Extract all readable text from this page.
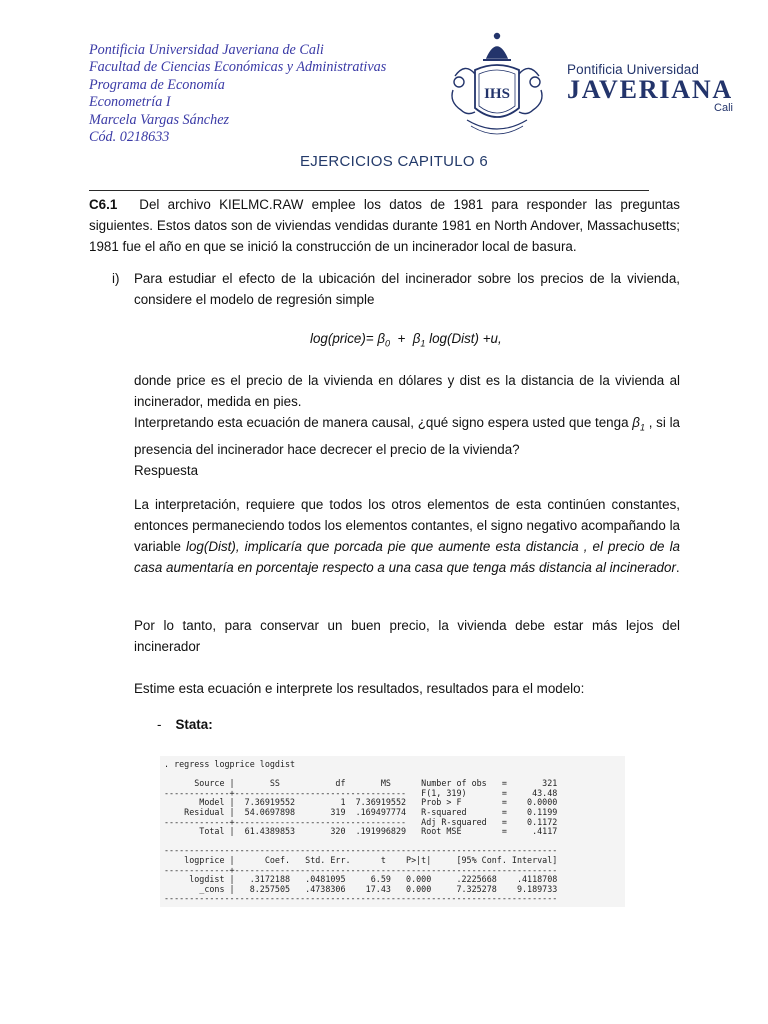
Pontificia Universidad Javeriana de Cali
Facultad de Ciencias Económicas y Administrativas
Programa de Economía
Econometría I
Marcela Vargas Sánchez
Cód. 0218633
IHS
Pontificia Universidad
JAVERIANA
Cali
EJERCICIOS CAPITULO 6
C6.1 Del archivo KIELMC.RAW emplee los datos de 1981 para responder las preguntas siguientes. Estos datos son de viviendas vendidas durante 1981 en North Andover, Massachusetts; 1981 fue el año en que se inició la construcción de un incinerador local de basura.
i)	Para estudiar el efecto de la ubicación del incinerador sobre los precios de la vivienda, considere el modelo de regresión simple
log(price)= $\beta_0 + \beta_1$ log(Dist) +u,
donde price es el precio de la vivienda en dólares y dist es la distancia de la vivienda al incinerador, medida en pies.
Interpretando esta ecuación de manera causal, ¿qué signo espera usted que tenga $\beta_1$ , si la presencia del incinerador hace decrecer el precio de la vivienda?
Respuesta
La interpretación, requiere que todos los otros elementos de esta continúen constantes, entonces permaneciendo todos los elementos contantes, el signo negativo acompañando la variable log(Dist), implicaría que porcada pie que aumente esta distancia , el precio de la casa aumentaría en porcentaje respecto a una casa que tenga más distancia al incinerador.
Por lo tanto, para conservar un buen precio, la vivienda debe estar más lejos del incinerador
Estime esta ecuación e interprete los resultados, resultados para el modelo:
- Stata:
. regress logprice logdist

Source |       SS           df       MS      Number of obs   =       321
-------------+----------------------------------   F(1, 319)       =     43.48
Model |  7.36919552         1  7.36919552   Prob > F        =    0.0000
Residual |  54.0697898       319  .169497774   R-squared       =    0.1199
-------------+----------------------------------   Adj R-squared   =    0.1172
Total |  61.4389853       320  .191996829   Root MSE        =     .4117

------------------------------------------------------------------------------
logprice |      Coef.   Std. Err.      t    P>|t|     [95% Conf. Interval]
-------------+----------------------------------------------------------------
logdist |   .3172188   .0481095     6.59   0.000     .2225668    .4118708
_cons |   8.257505   .4738306    17.43   0.000     7.325278    9.189733
------------------------------------------------------------------------------
